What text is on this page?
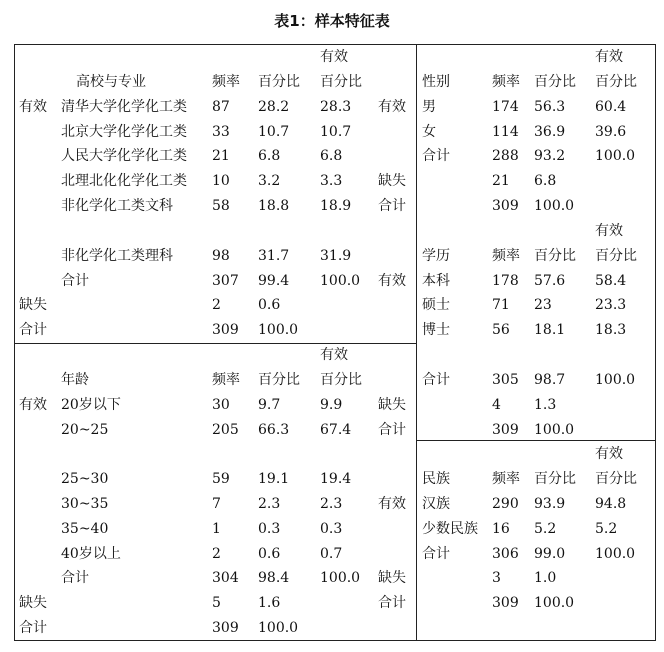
表1：样本特征表
有效
高校与专业	频率 百分比 百分比
有效 清华大学化学化工类 87 28.2 28.3
北京大学化学化工类 33 10.7 10.7
人民大学化学化工类 21 6.8	6.8
北理北化化学化工类 10 3.2	3.3
非化学化工类文科	58 18.8 18.9
非化学化工类理科	98 31.7 31.9
合计	307 99.4 100.0
缺失	2	0.6
合计	309 100.0
有效
年龄	频率 百分比 百分比
有效 20岁以下	30 9.7	9.9
20~25	205 66.3 67.4
25~30	59 19.1 19.4
30~35	7	2.3	2.3
35~40	1	0.3	0.3
40岁以上	2	0.6	0.7
合计	304 98.4 100.0
缺失	5	1.6
合计	309 100.0
有效
性别	频率 百分比 百分比
有效 男	174 56.3 60.4
女	114 36.9 39.6
合计	288 93.2 100.0
缺失	21 6.8
合计	309 100.0
有效
学历	频率 百分比 百分比
有效 本科	178 57.6 58.4
硕士	71 23	23.3
博士	56 18.1 18.3
合计	305 98.7 100.0
缺失	4 1.3
合计	309 100.0
有效
民族	频率 百分比 百分比
有效 汉族	290 93.9 94.8
少数民族 16 5.2	5.2
合计	306 99.0 100.0
缺失	3 1.0
合计	309 100.0
